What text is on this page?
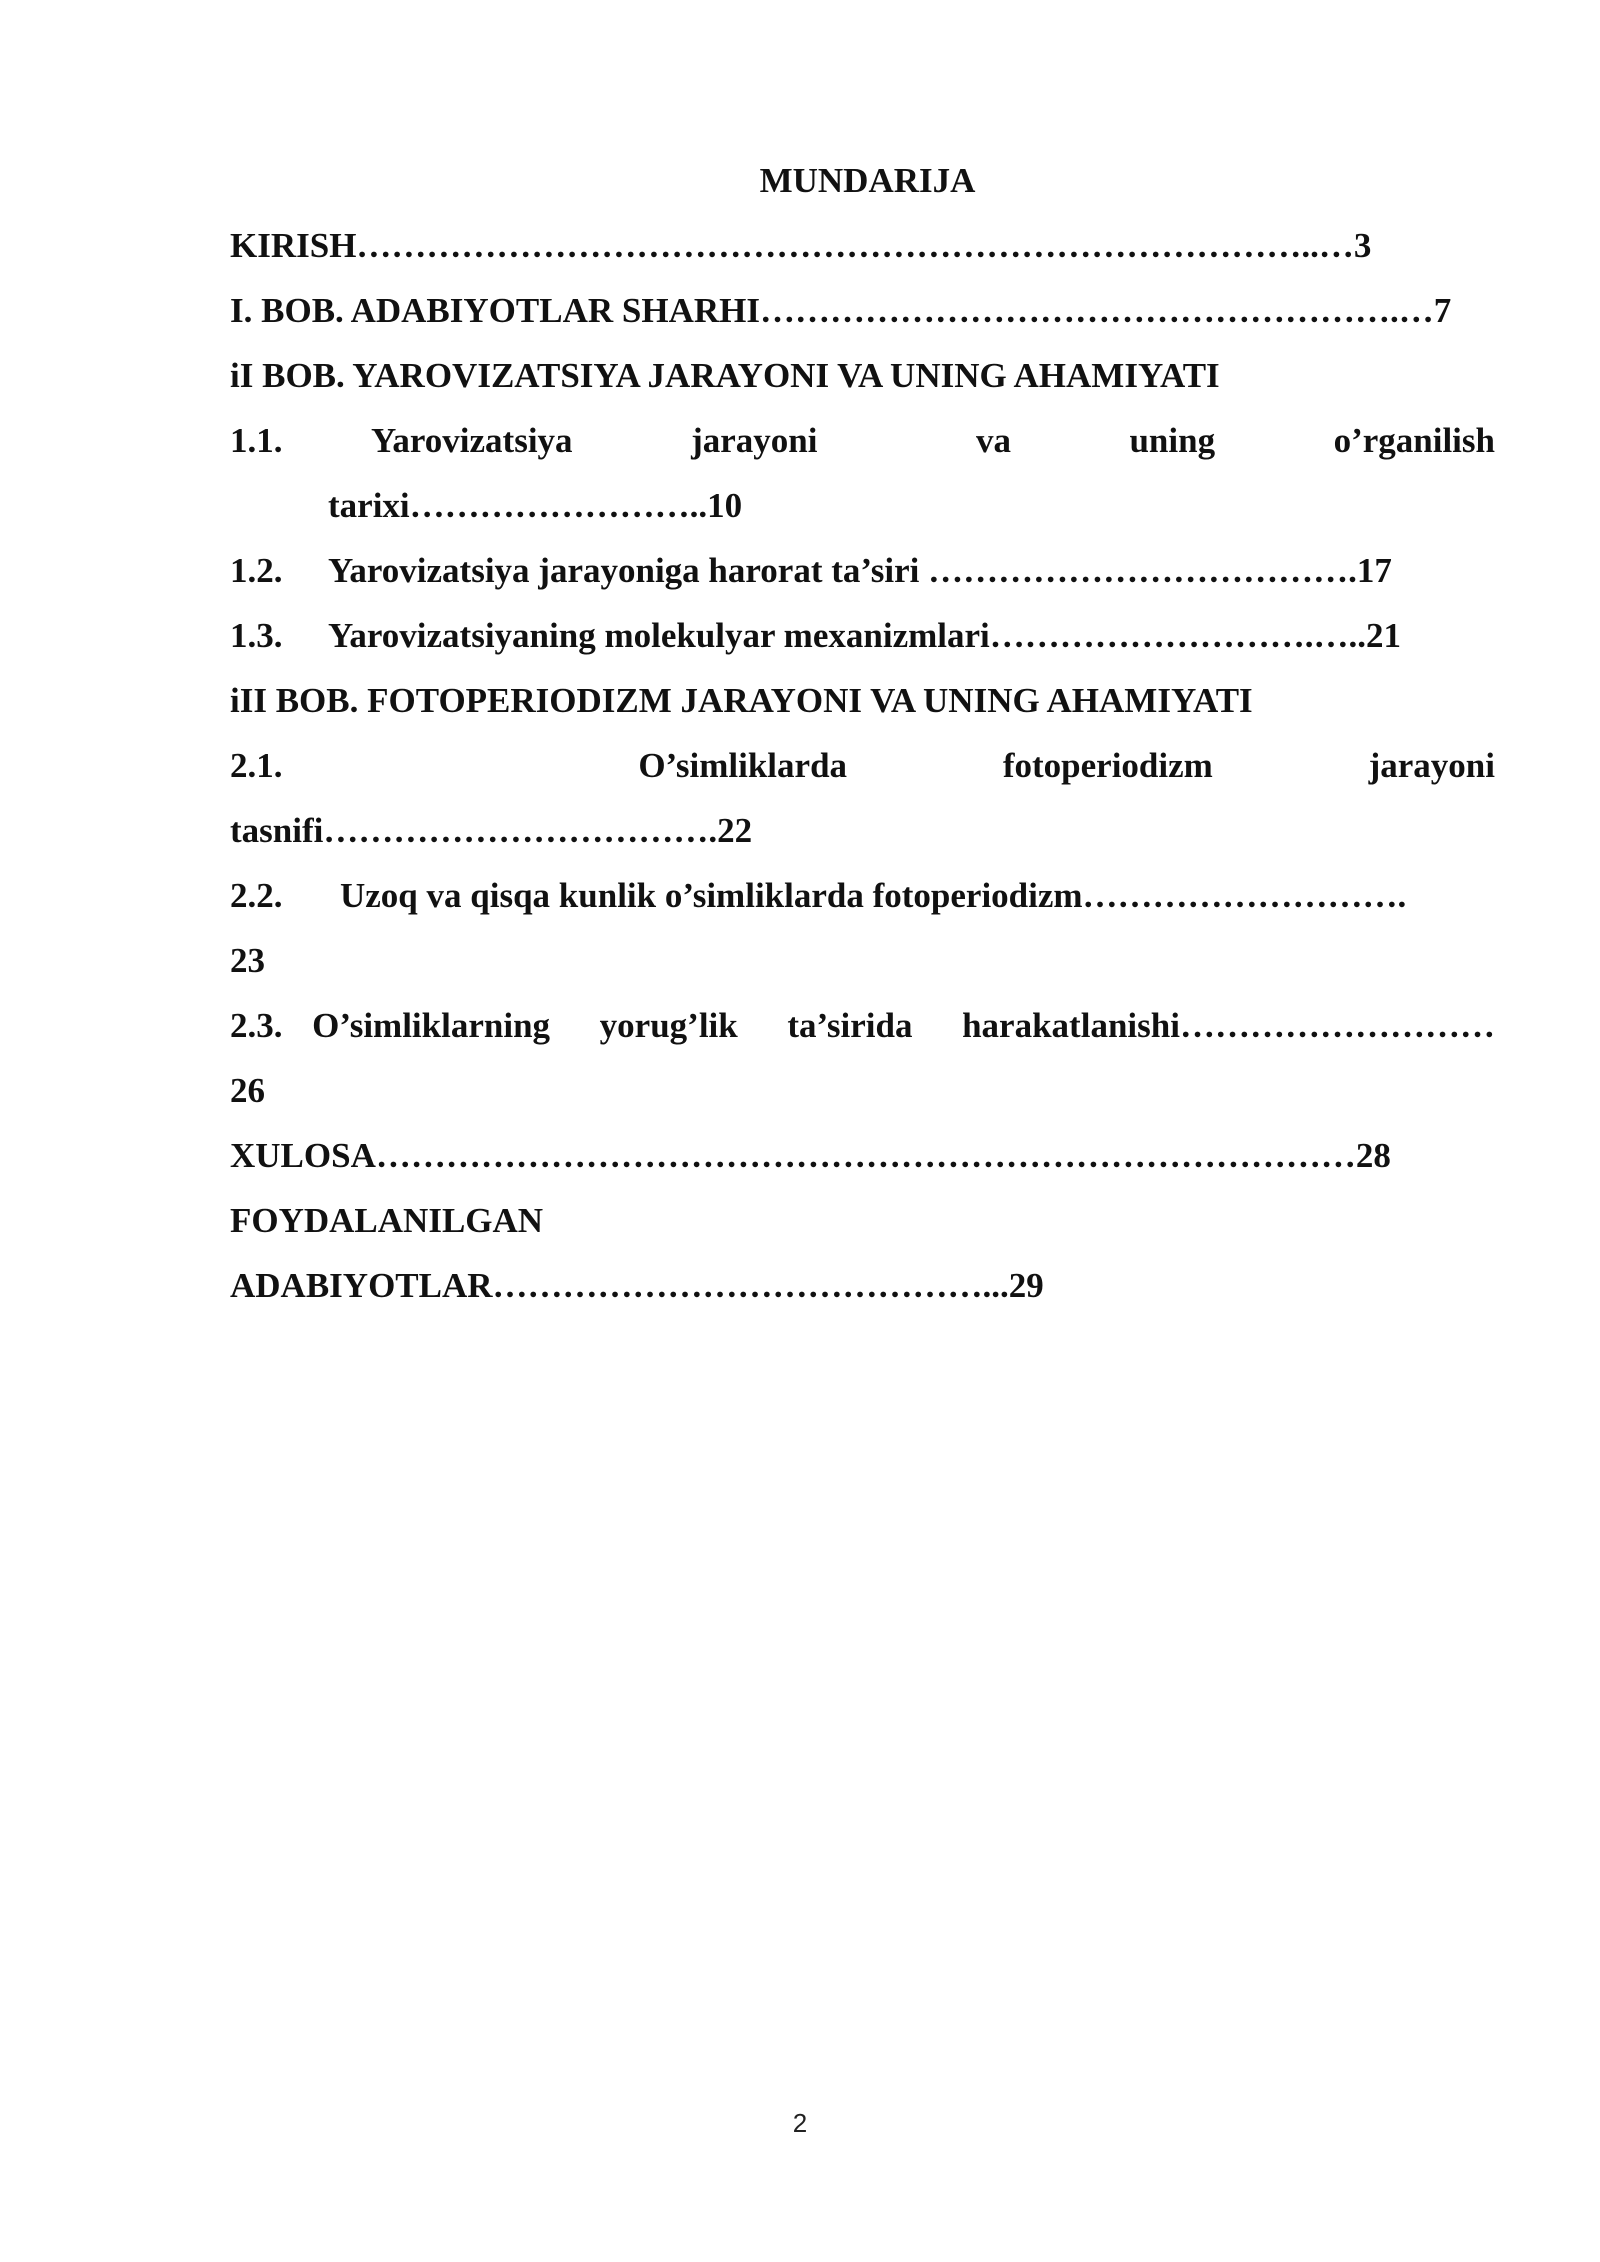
MUNDARIJA
KIRISH………………………………………………………………………..…3
I. BOB. ADABIYOTLAR SHARHI……………………………………………….…7
iI BOB. YAROVIZATSIYA JARAYONI VA UNING AHAMIYATI
1.1.	Yarovizatsiya	jarayoni	va	uning	o’rganilish
tarixi……………………..10
1.2. Yarovizatsiya jarayoniga harorat ta’siri ……………………………….17
1.3. Yarovizatsiyaning molekulyar mexanizmlari……………………….…..21
iII BOB. FOTOPERIODIZM JARAYONI VA UNING AHAMIYATI
2.1.	O’simliklarda	fotoperiodizm	jarayoni
tasnifi…………………………….22
2.2. Uzoq va qisqa kunlik o’simliklarda fotoperiodizm……………………….
23
2.3. O’simliklarning yorug’lik ta’sirida harakatlanishi………………………
26
XULOSA…………………………………………………………………………28
FOYDALANILGAN
ADABIYOTLAR……………………………………...29
2
